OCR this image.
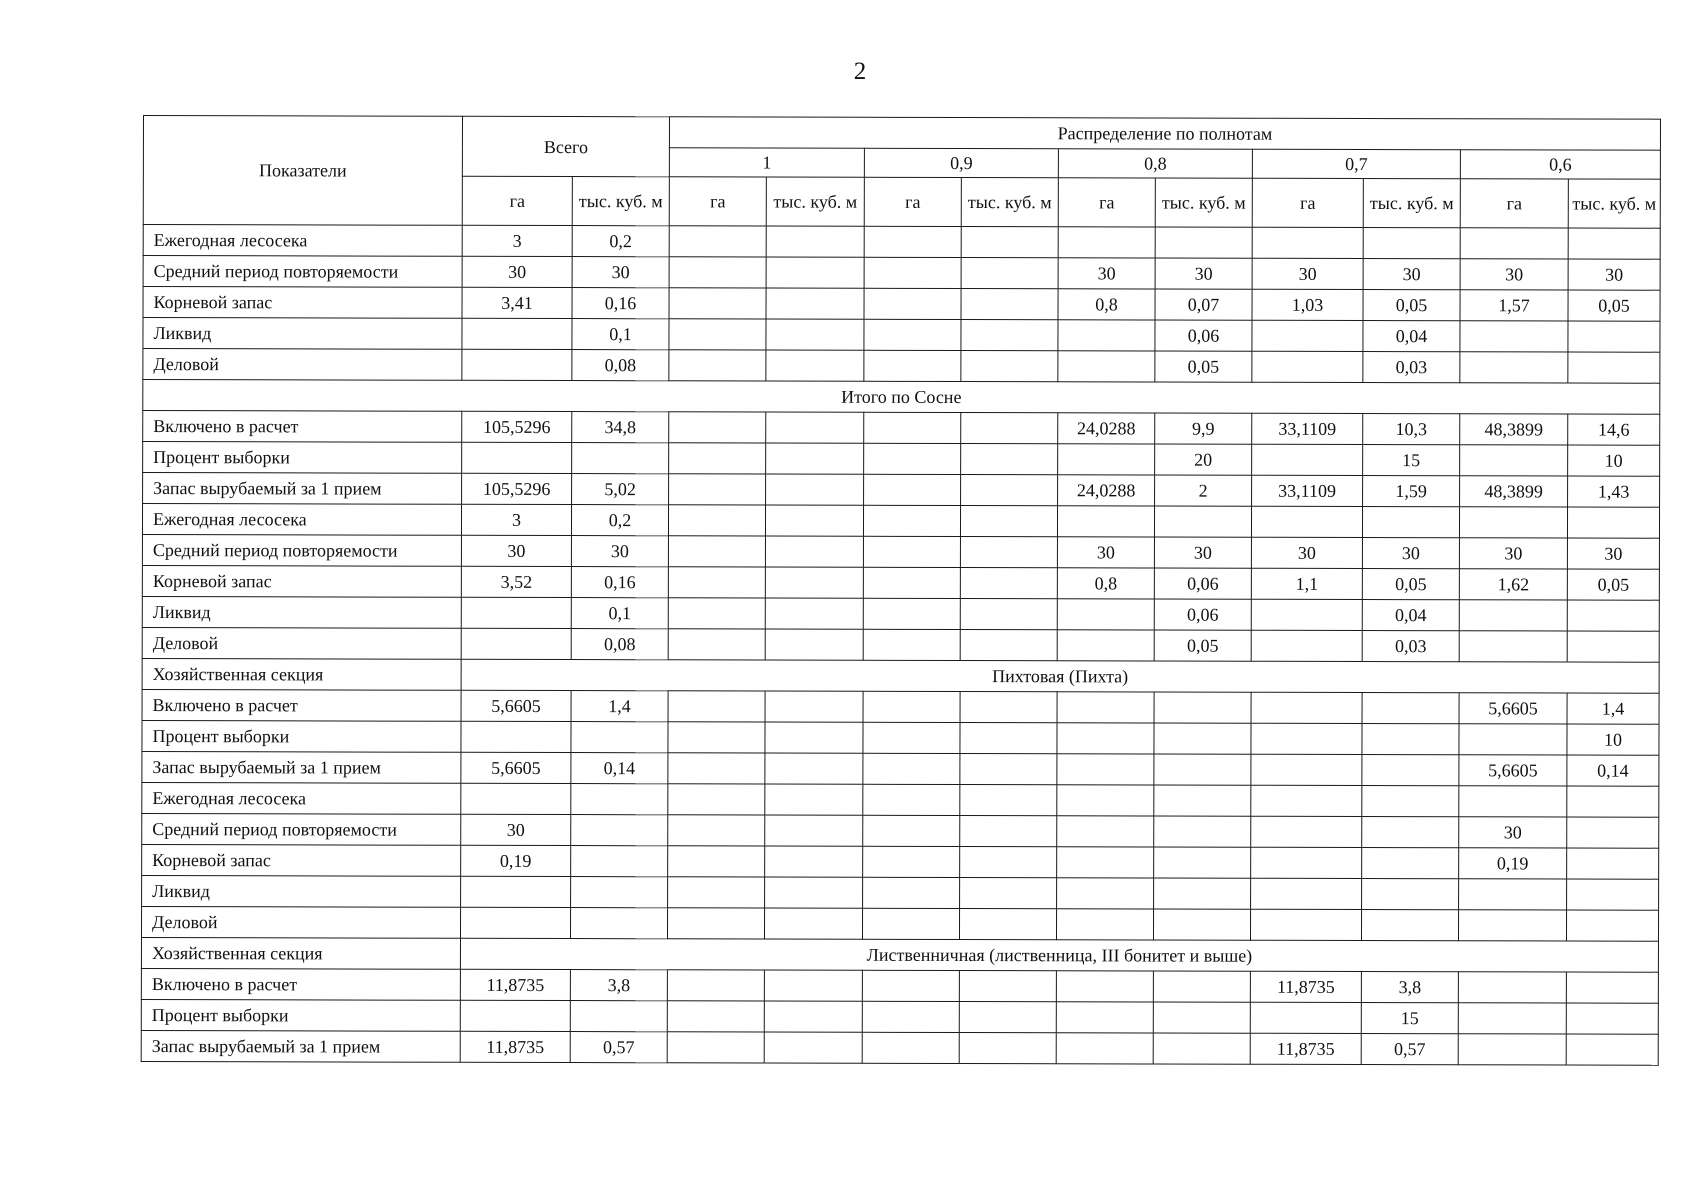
2
Показатели	Всего		Распределение по полнотам									
			1		0,9		0,8		0,7		0,6	
	га	тыс. куб. м	га	тыс. куб. м	га	тыс. куб. м	га	тыс. куб. м	га	тыс. куб. м	га	тыс. куб. м
Ежегодная лесосека	3	0,2										
Средний период повторяемости	30	30					30	30	30	30	30	30
Корневой запас	3,41	0,16					0,8	0,07	1,03	0,05	1,57	0,05
Ликвид		0,1						0,06		0,04		
Деловой		0,08						0,05		0,03		
Итого по Сосне												
Включено в расчет	105,5296	34,8					24,0288	9,9	33,1109	10,3	48,3899	14,6
Процент выборки								20		15		10
Запас вырубаемый за 1 прием	105,5296	5,02					24,0288	2	33,1109	1,59	48,3899	1,43
Ежегодная лесосека	3	0,2										
Средний период повторяемости	30	30					30	30	30	30	30	30
Корневой запас	3,52	0,16					0,8	0,06	1,1	0,05	1,62	0,05
Ликвид		0,1						0,06		0,04		
Деловой		0,08						0,05		0,03		
Хозяйственная секция	Пихтовая (Пихта)											
Включено в расчет	5,6605	1,4									5,6605	1,4
Процент выборки												10
Запас вырубаемый за 1 прием	5,6605	0,14									5,6605	0,14
Ежегодная лесосека												
Средний период повторяемости	30										30	
Корневой запас	0,19										0,19	
Ликвид												
Деловой												
Хозяйственная секция	Лиственничная (лиственница, III бонитет и выше)											
Включено в расчет	11,8735	3,8							11,8735	3,8		
Процент выборки										15		
Запас вырубаемый за 1 прием	11,8735	0,57							11,8735	0,57		
